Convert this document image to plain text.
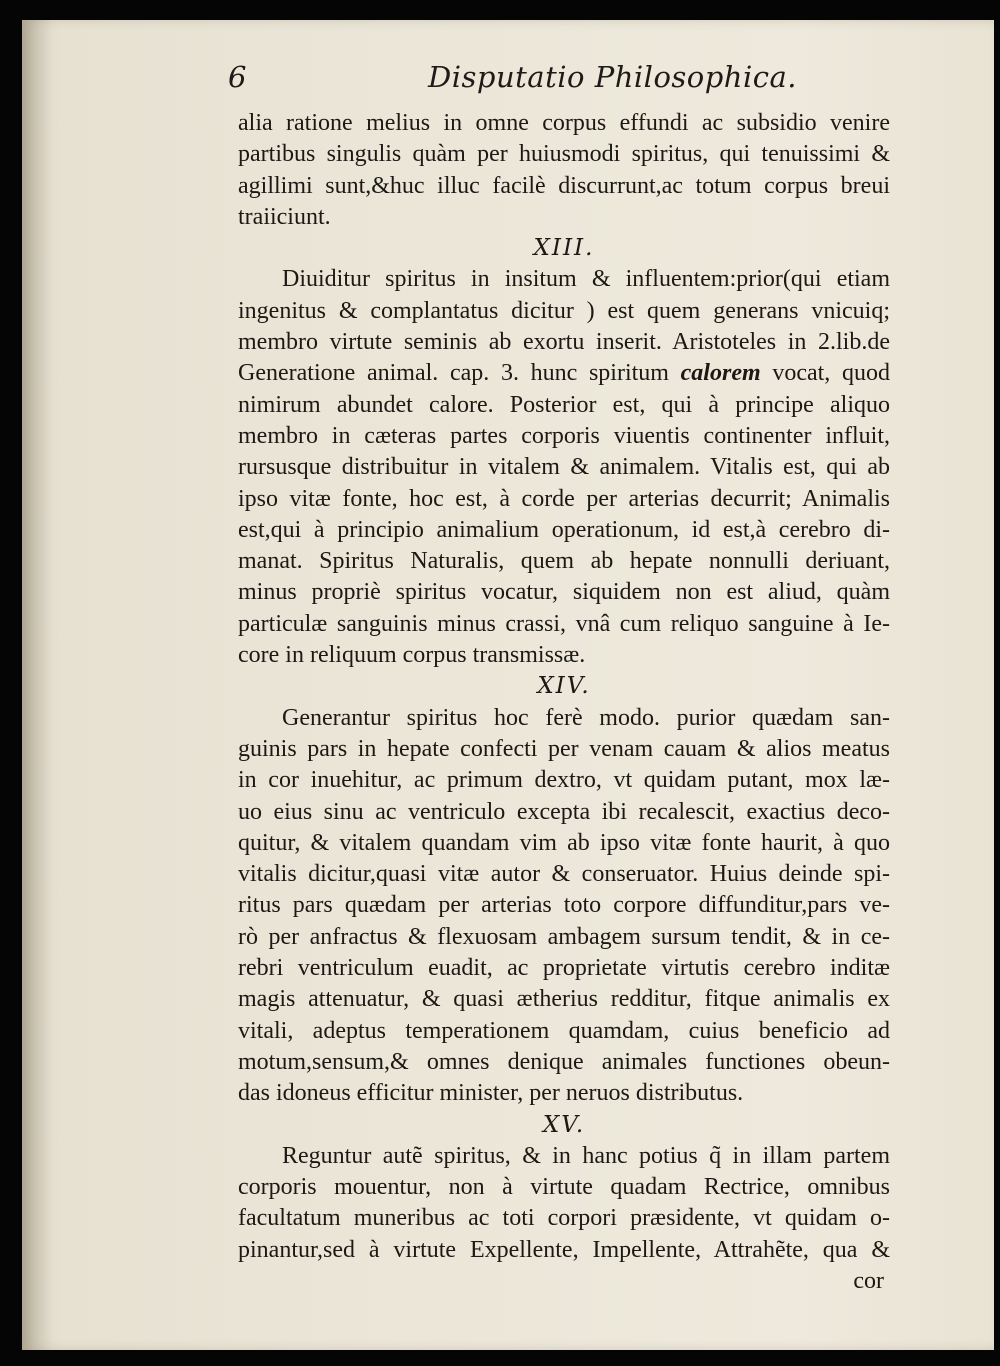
6	Disputatio Philosophica.
alia ratione melius in omne corpus effundi ac subsidio venire
partibus singulis quàm per huiusmodi spiritus, qui tenuissimi &
agillimi sunt,&huc illuc facilè discurrunt,ac totum corpus breui
traiiciunt.
XIII.
Diuiditur spiritus in insitum & influentem:prior(qui etiam
ingenitus & complantatus dicitur ) est quem generans vnicuiq;
membro virtute seminis ab exortu inserit. Aristoteles in 2.lib.de
Generatione animal. cap. 3. hunc spiritum calorem vocat, quod
nimirum abundet calore. Posterior est, qui à principe aliquo
membro in cæteras partes corporis viuentis continenter influit,
rursusque distribuitur in vitalem & animalem. Vitalis est, qui ab
ipso vitæ fonte, hoc est, à corde per arterias decurrit; Animalis
est,qui à principio animalium operationum, id est,à cerebro di-
manat. Spiritus Naturalis, quem ab hepate nonnulli deriuant,
minus propriè spiritus vocatur, siquidem non est aliud, quàm
particulæ sanguinis minus crassi, vnâ cum reliquo sanguine à Ie-
core in reliquum corpus transmissæ.
XIV.
Generantur spiritus hoc ferè modo. purior quædam san-
guinis pars in hepate confecti per venam cauam & alios meatus
in cor inuehitur, ac primum dextro, vt quidam putant, mox læ-
uo eius sinu ac ventriculo excepta ibi recalescit, exactius deco-
quitur, & vitalem quandam vim ab ipso vitæ fonte haurit, à quo
vitalis dicitur,quasi vitæ autor & conseruator. Huius deinde spi-
ritus pars quædam per arterias toto corpore diffunditur,pars ve-
rò per anfractus & flexuosam ambagem sursum tendit, & in ce-
rebri ventriculum euadit, ac proprietate virtutis cerebro inditæ
magis attenuatur, & quasi ætherius redditur, fitque animalis ex
vitali, adeptus temperationem quamdam, cuius beneficio ad
motum,sensum,& omnes denique animales functiones obeun-
das idoneus efficitur minister, per neruos distributus.
XV.
Reguntur autẽ spiritus, & in hanc potius q̃ in illam partem
corporis mouentur, non à virtute quadam Rectrice, omnibus
facultatum muneribus ac toti corpori præsidente, vt quidam o-
pinantur,sed à virtute Expellente, Impellente, Attrahẽte, qua &
cor
